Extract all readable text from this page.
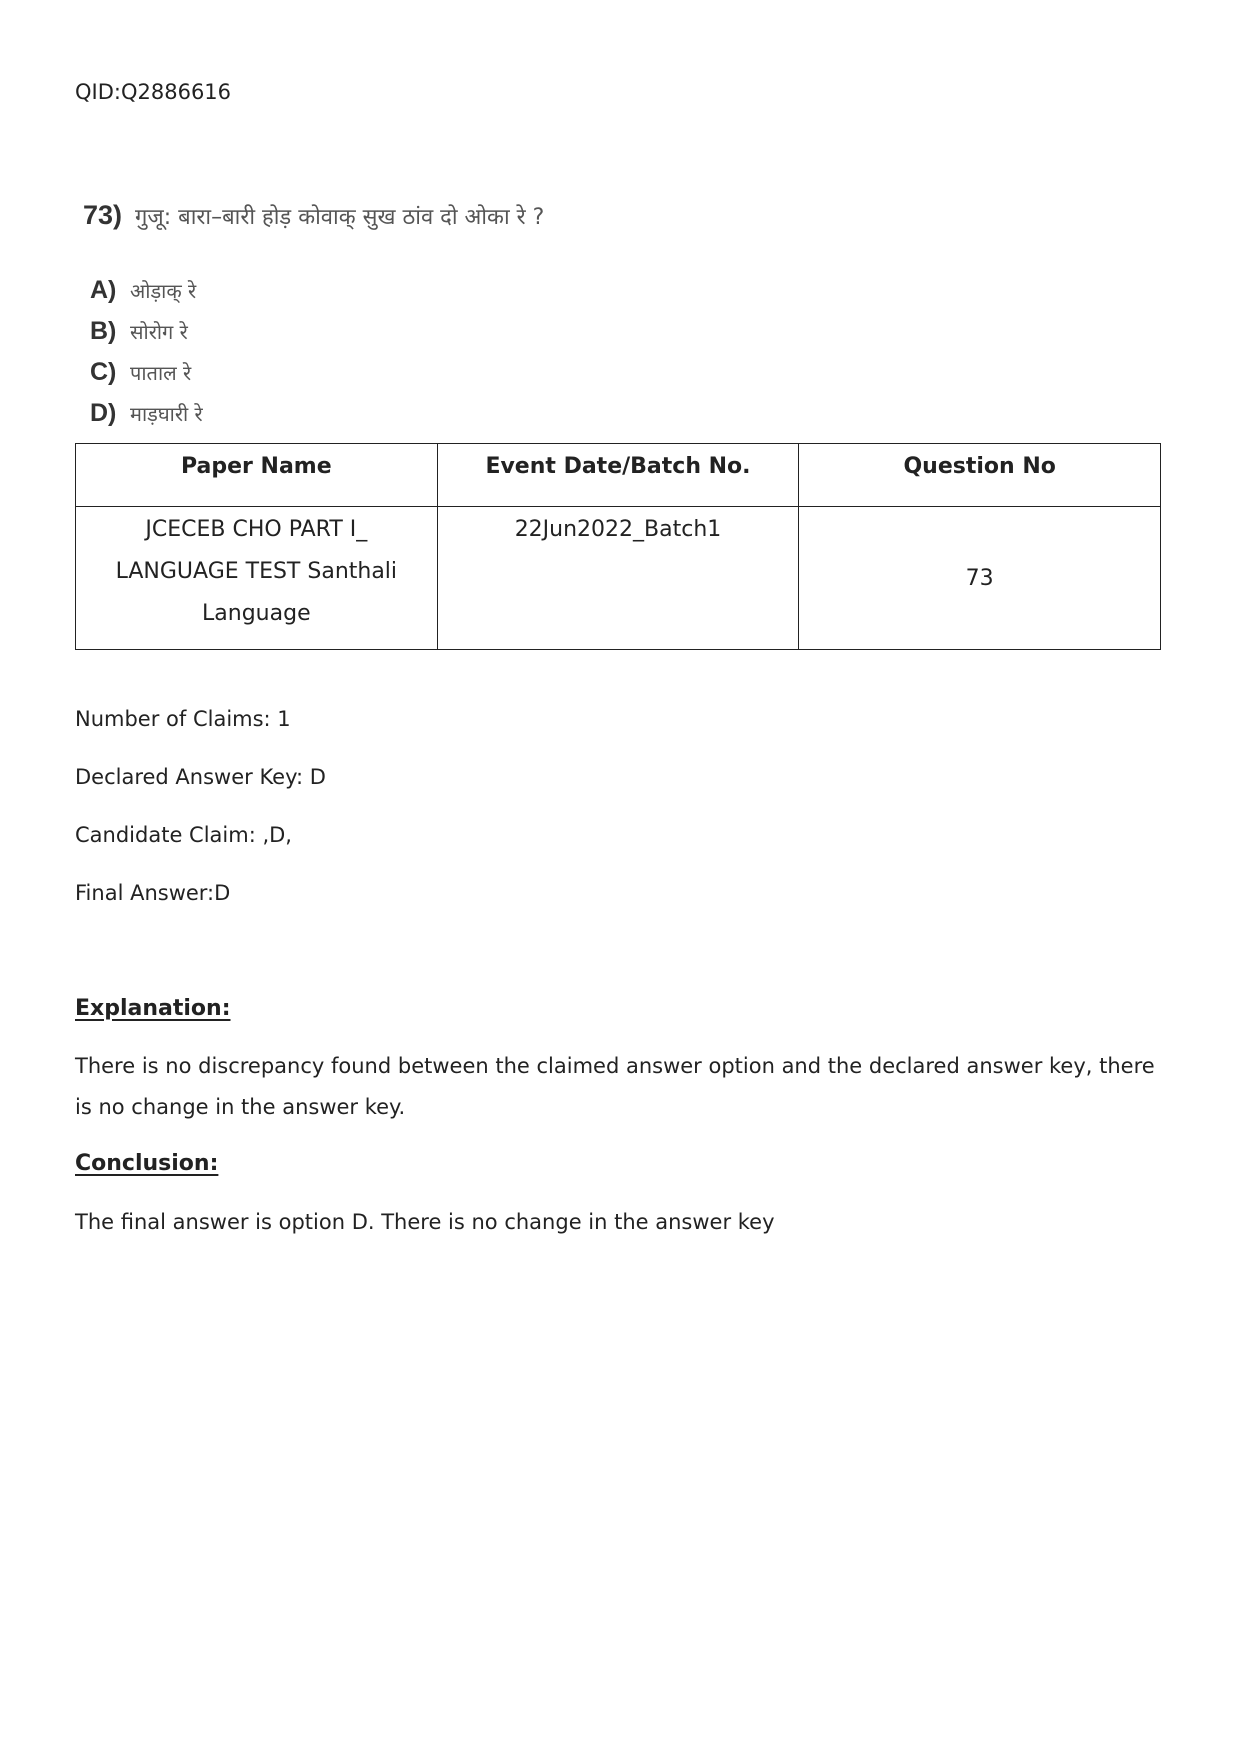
QID:Q2886616
73) गुजू: बारा–बारी होड़ कोवाक् सुख ठांव दो ओका रे ?
A) ओड़ाक् रे
B) सोरोग रे
C) पाताल रे
D) माड़घारी रे
Paper Name	Event Date/Batch No.	Question No
JCECEB CHO PART I_ LANGUAGE TEST Santhali Language	22Jun2022_Batch1	73
Number of Claims: 1
Declared Answer Key: D
Candidate Claim: ,D,
Final Answer:D
Explanation:
There is no discrepancy found between the claimed answer option and the declared answer key, there is no change in the answer key.
Conclusion:
The final answer is option D. There is no change in the answer key
